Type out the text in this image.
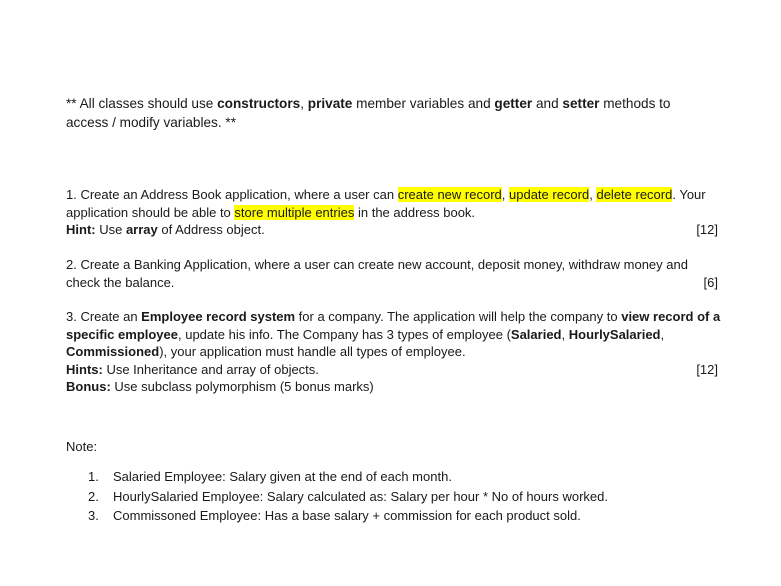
** All classes should use constructors, private member variables and getter and setter methods to
access / modify variables. **
1. Create an Address Book application, where a user can create new record, update record, delete record. Your
application should be able to store multiple entries in the address book.
Hint: Use array of Address object.	[12]
2. Create a Banking Application, where a user can create new account, deposit money, withdraw money and
check the balance.	[6]
3. Create an Employee record system for a company. The application will help the company to view record of a
specific employee, update his info. The Company has 3 types of employee (Salaried, HourlySalaried,
Commissioned), your application must handle all types of employee.
Hints: Use Inheritance and array of objects.	[12]
Bonus: Use subclass polymorphism (5 bonus marks)
Note:
1. Salaried Employee: Salary given at the end of each month.
2. HourlySalaried Employee: Salary calculated as: Salary per hour * No of hours worked.
3. Commissoned Employee: Has a base salary + commission for each product sold.
